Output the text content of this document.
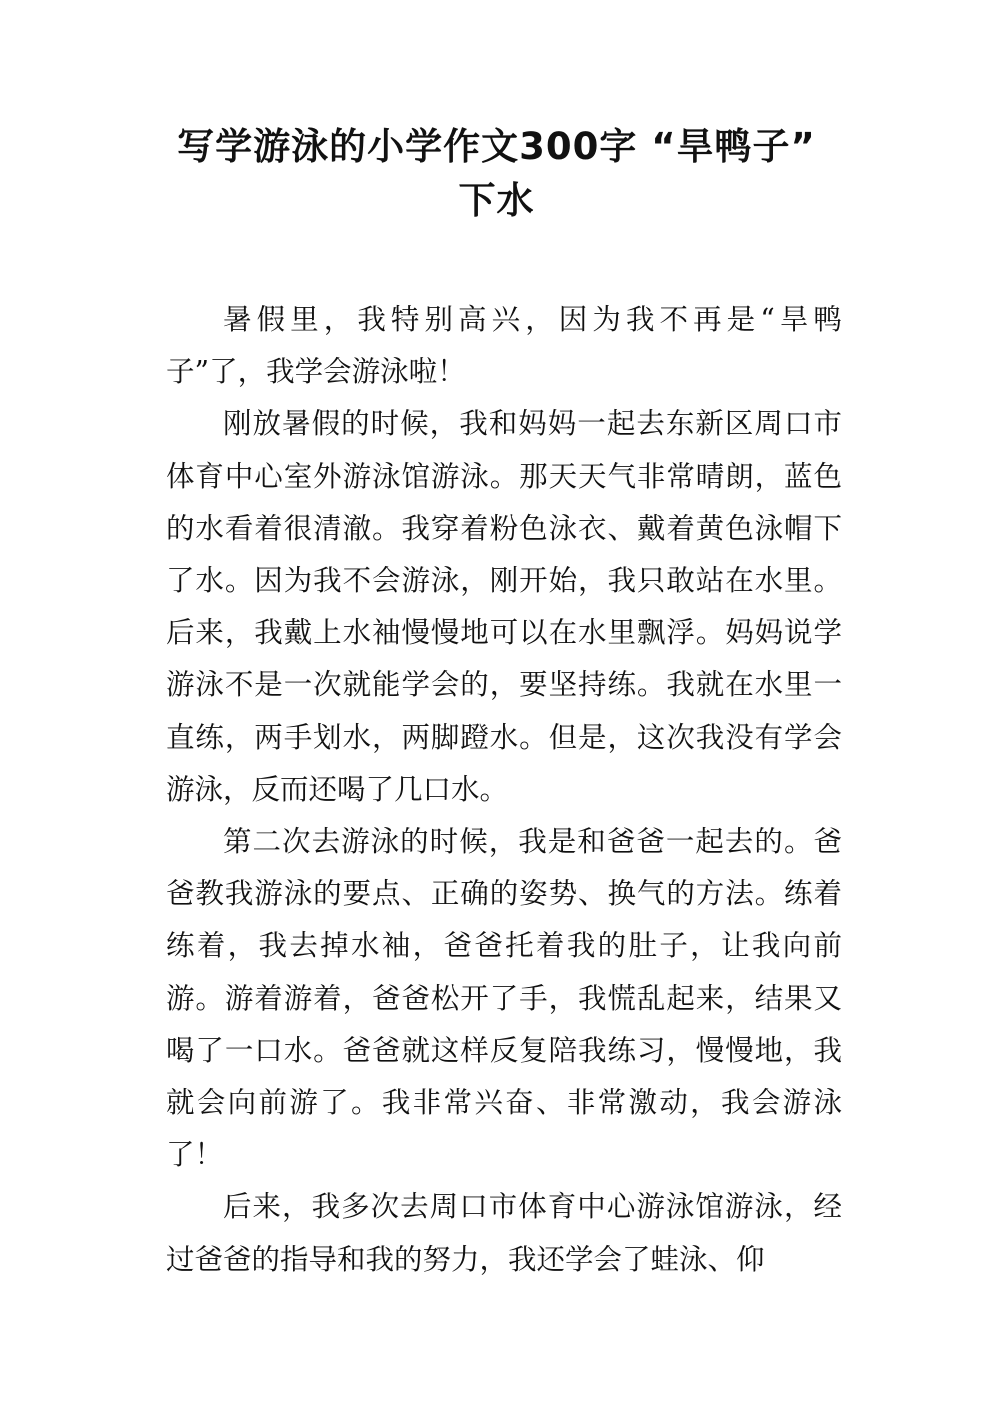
写学游泳的小学作文300字 “旱鸭子”
下水

暑假里，我特别高兴，因为我不再是“旱鸭子”了，我学会游泳啦！

刚放暑假的时候，我和妈妈一起去东新区周口市体育中心室外游泳馆游泳。那天天气非常晴朗，蓝色的水看着很清澈。我穿着粉色泳衣、戴着黄色泳帽下了水。因为我不会游泳，刚开始，我只敢站在水里。后来，我戴上水袖慢慢地可以在水里飘浮。妈妈说学游泳不是一次就能学会的，要坚持练。我就在水里一直练，两手划水，两脚蹬水。但是，这次我没有学会游泳，反而还喝了几口水。

第二次去游泳的时候，我是和爸爸一起去的。爸爸教我游泳的要点、正确的姿势、换气的方法。练着练着，我去掉水袖，爸爸托着我的肚子，让我向前游。游着游着，爸爸松开了手，我慌乱起来，结果又喝了一口水。爸爸就这样反复陪我练习，慢慢地，我就会向前游了。我非常兴奋、非常激动，我会游泳了！

后来，我多次去周口市体育中心游泳馆游泳，经过爸爸的指导和我的努力，我还学会了蛙泳、仰
